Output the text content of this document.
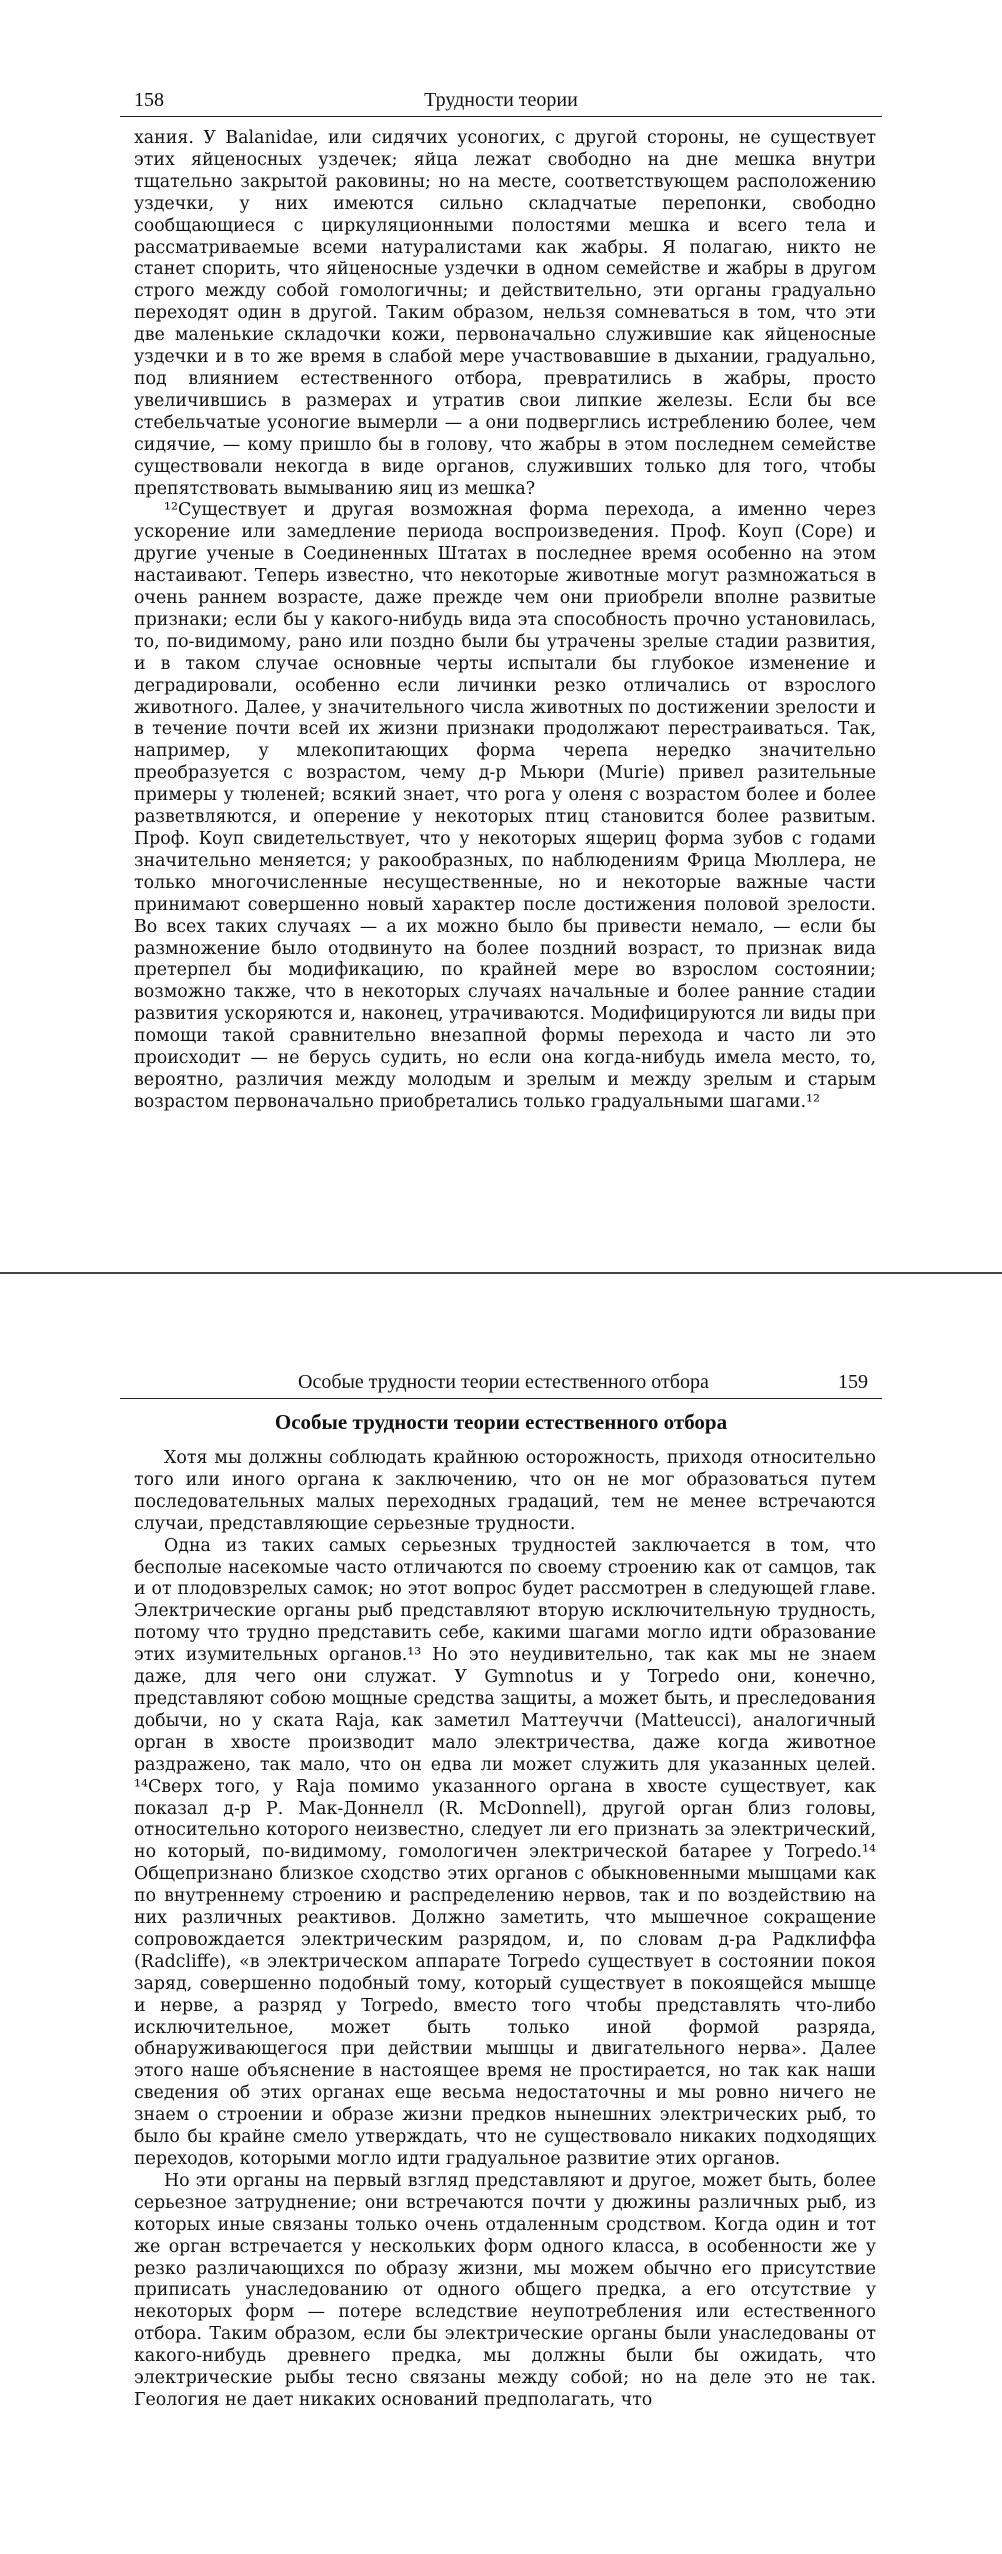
158	Трудности теории

хания. У Balanidae, или сидячих усоногих, с другой стороны, не существует этих яйценосных уздечек; яйца лежат свободно на дне мешка внутри тщательно закрытой раковины; но на месте, соответствующем расположению уздечки, у них имеются сильно складчатые перепонки, свободно сообщающиеся с циркуляционными полостями мешка и всего тела и рассматриваемые всеми натуралистами как жабры. Я полагаю, никто не станет спорить, что яйценосные уздечки в одном семействе и жабры в другом строго между собой гомологичны; и действительно, эти органы градуально переходят один в другой. Таким образом, нельзя сомневаться в том, что эти две маленькие складочки кожи, первоначально служившие как яйценосные уздечки и в то же время в слабой мере участвовавшие в дыхании, градуально, под влиянием естественного отбора, превратились в жабры, просто увеличившись в размерах и утратив свои липкие железы. Если бы все стебельчатые усоногие вымерли — а они подверглись истреблению более, чем сидячие, — кому пришло бы в голову, что жабры в этом последнем семействе существовали некогда в виде органов, служивших только для того, чтобы препятствовать вымыванию яиц из мешка?

¹²Существует и другая возможная форма перехода, а именно через ускорение или замедление периода воспроизведения. Проф. Коуп (Cope) и другие ученые в Соединенных Штатах в последнее время особенно на этом настаивают. Теперь известно, что некоторые животные могут размножаться в очень раннем возрасте, даже прежде чем они приобрели вполне развитые признаки; если бы у какого-нибудь вида эта способность прочно установилась, то, по-видимому, рано или поздно были бы утрачены зрелые стадии развития, и в таком случае основные черты испытали бы глубокое изменение и деградировали, особенно если личинки резко отличались от взрослого животного. Далее, у значительного числа животных по достижении зрелости и в течение почти всей их жизни признаки продолжают перестраиваться. Так, например, у млекопитающих форма черепа нередко значительно преобразуется с возрастом, чему д-р Мьюри (Murie) привел разительные примеры у тюленей; всякий знает, что рога у оленя с возрастом более и более разветвляются, и оперение у некоторых птиц становится более развитым. Проф. Коуп свидетельствует, что у некоторых ящериц форма зубов с годами значительно меняется; у ракообразных, по наблюдениям Фрица Мюллера, не только многочисленные несущественные, но и некоторые важные части принимают совершенно новый характер после достижения половой зрелости. Во всех таких случаях — а их можно было бы привести немало, — если бы размножение было отодвинуто на более поздний возраст, то признак вида претерпел бы модификацию, по крайней мере во взрослом состоянии; возможно также, что в некоторых случаях начальные и более ранние стадии развития ускоряются и, наконец, утрачиваются. Модифицируются ли виды при помощи такой сравнительно внезапной формы перехода и часто ли это происходит — не берусь судить, но если она когда-нибудь имела место, то, вероятно, различия между молодым и зрелым и между зрелым и старым возрастом первоначально приобретались только градуальными шагами.¹²

Особые трудности теории естественного отбора	159
Особые трудности теории естественного отбора

Хотя мы должны соблюдать крайнюю осторожность, приходя относительно того или иного органа к заключению, что он не мог образоваться путем последовательных малых переходных градаций, тем не менее встречаются случаи, представляющие серьезные трудности.

Одна из таких самых серьезных трудностей заключается в том, что бесполые насекомые часто отличаются по своему строению как от самцов, так и от плодовзрелых самок; но этот вопрос будет рассмотрен в следующей главе. Электрические органы рыб представляют вторую исключительную трудность, потому что трудно представить себе, какими шагами могло идти образование этих изумительных органов.¹³ Но это неудивительно, так как мы не знаем даже, для чего они служат. У Gymnotus и у Torpedo они, конечно, представляют собою мощные средства защиты, а может быть, и преследования добычи, но у ската Raja, как заметил Маттеуччи (Matteucci), аналогичный орган в хвосте производит мало электричества, даже когда животное раздражено, так мало, что он едва ли может служить для указанных целей. ¹⁴Сверх того, у Raja помимо указанного органа в хвосте существует, как показал д-р Р. Мак-Доннелл (R. McDonnell), другой орган близ головы, относительно которого неизвестно, следует ли его признать за электрический, но который, по-видимому, гомологичен электрической батарее у Torpedo.¹⁴ Общепризнано близкое сходство этих органов с обыкновенными мышцами как по внутреннему строению и распределению нервов, так и по воздействию на них различных реактивов. Должно заметить, что мышечное сокращение сопровождается электрическим разрядом, и, по словам д-ра Радклиффа (Radcliffe), «в электрическом аппарате Torpedo существует в состоянии покоя заряд, совершенно подобный тому, который существует в покоящейся мышце и нерве, а разряд у Torpedo, вместо того чтобы представлять что-либо исключительное, может быть только иной формой разряда, обнаруживающегося при действии мышцы и двигательного нерва». Далее этого наше объяснение в настоящее время не простирается, но так как наши сведения об этих органах еще весьма недостаточны и мы ровно ничего не знаем о строении и образе жизни предков нынешних электрических рыб, то было бы крайне смело утверждать, что не существовало никаких подходящих переходов, которыми могло идти градуальное развитие этих органов.

Но эти органы на первый взгляд представляют и другое, может быть, более серьезное затруднение; они встречаются почти у дюжины различных рыб, из которых иные связаны только очень отдаленным сродством. Когда один и тот же орган встречается у нескольких форм одного класса, в особенности же у резко различающихся по образу жизни, мы можем обычно его присутствие приписать унаследованию от одного общего предка, а его отсутствие у некоторых форм — потере вследствие неупотребления или естественного отбора. Таким образом, если бы электрические органы были унаследованы от какого-нибудь древнего предка, мы должны были бы ожидать, что электрические рыбы тесно связаны между собой; но на деле это не так. Геология не дает никаких оснований предполагать, что
